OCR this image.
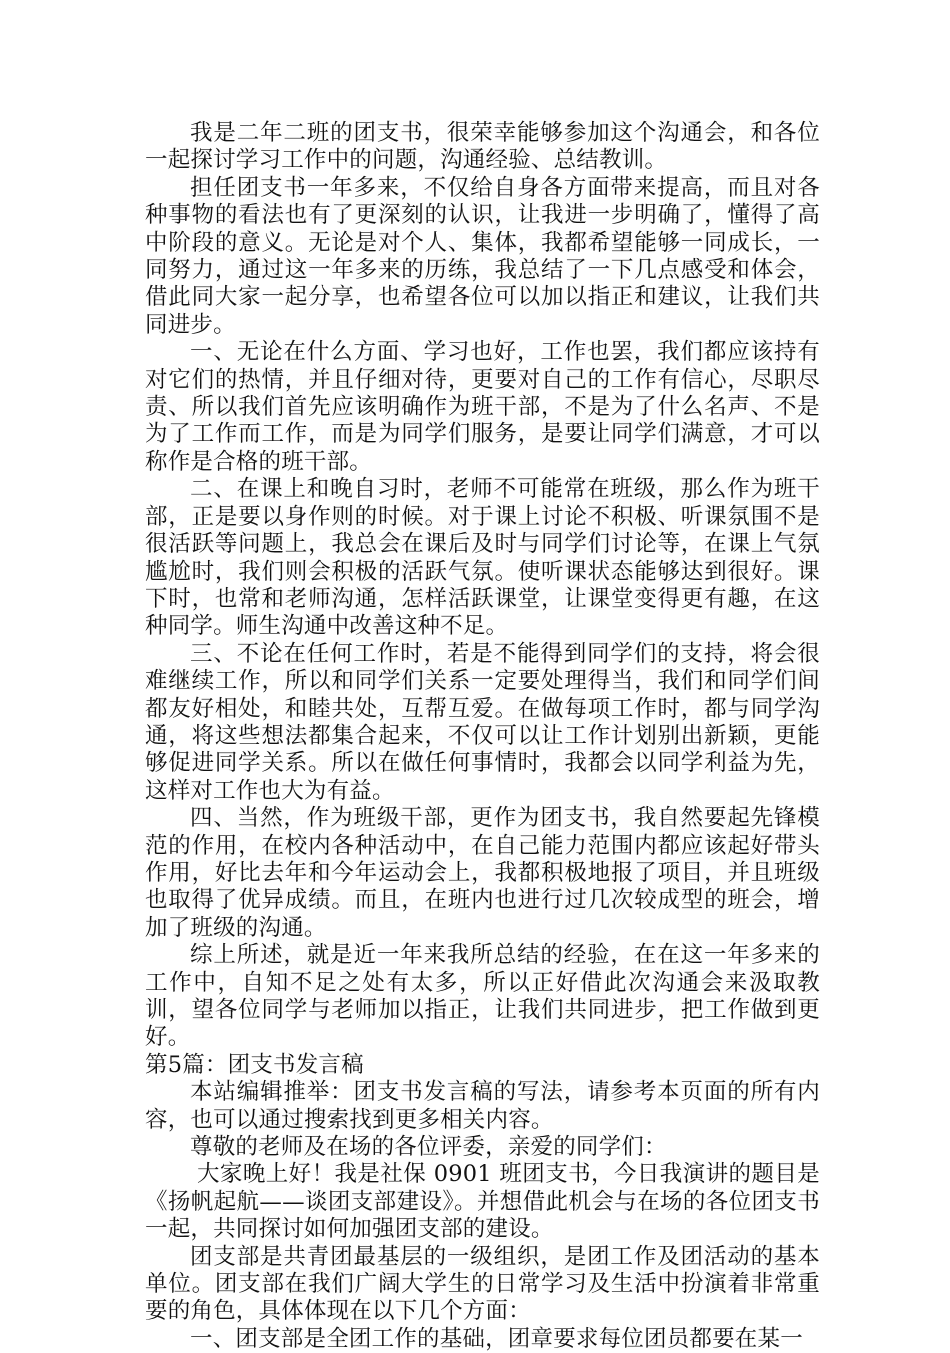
我是二年二班的团支书，很荣幸能够参加这个沟通会，和各位一起探讨学习工作中的问题，沟通经验、总结教训。

担任团支书一年多来，不仅给自身各方面带来提高，而且对各种事物的看法也有了更深刻的认识，让我进一步明确了，懂得了高中阶段的意义。无论是对个人、集体，我都希望能够一同成长，一同努力，通过这一年多来的历练，我总结了一下几点感受和体会，借此同大家一起分享，也希望各位可以加以指正和建议，让我们共同进步。

一、无论在什么方面、学习也好，工作也罢，我们都应该持有对它们的热情，并且仔细对待，更要对自己的工作有信心，尽职尽责、所以我们首先应该明确作为班干部，不是为了什么名声、不是为了工作而工作，而是为同学们服务，是要让同学们满意，才可以称作是合格的班干部。

二、在课上和晚自习时，老师不可能常在班级，那么作为班干部，正是要以身作则的时候。对于课上讨论不积极、听课氛围不是很活跃等问题上，我总会在课后及时与同学们讨论等，在课上气氛尴尬时，我们则会积极的活跃气氛。使听课状态能够达到很好。课下时，也常和老师沟通，怎样活跃课堂，让课堂变得更有趣，在这种同学。师生沟通中改善这种不足。

三、不论在任何工作时，若是不能得到同学们的支持，将会很难继续工作，所以和同学们关系一定要处理得当，我们和同学们间都友好相处，和睦共处，互帮互爱。在做每项工作时，都与同学沟通，将这些想法都集合起来，不仅可以让工作计划别出新颖，更能够促进同学关系。所以在做任何事情时，我都会以同学利益为先，这样对工作也大为有益。

四、当然，作为班级干部，更作为团支书，我自然要起先锋模范的作用，在校内各种活动中，在自己能力范围内都应该起好带头作用，好比去年和今年运动会上，我都积极地报了项目，并且班级也取得了优异成绩。而且，在班内也进行过几次较成型的班会，增加了班级的沟通。

综上所述，就是近一年来我所总结的经验，在在这一年多来的工作中，自知不足之处有太多，所以正好借此次沟通会来汲取教训，望各位同学与老师加以指正，让我们共同进步，把工作做到更好。

第5篇：团支书发言稿

本站编辑推举：团支书发言稿的写法，请参考本页面的所有内容，也可以通过搜索找到更多相关内容。

尊敬的老师及在场的各位评委，亲爱的同学们：

大家晚上好！我是社保 0901 班团支书，今日我演讲的题目是《扬帆起航——谈团支部建设》。并想借此机会与在场的各位团支书一起，共同探讨如何加强团支部的建设。

团支部是共青团最基层的一级组织，是团工作及团活动的基本单位。团支部在我们广阔大学生的日常学习及生活中扮演着非常重要的角色，具体体现在以下几个方面：

一、团支部是全团工作的基础，团章要求每位团员都要在某一
